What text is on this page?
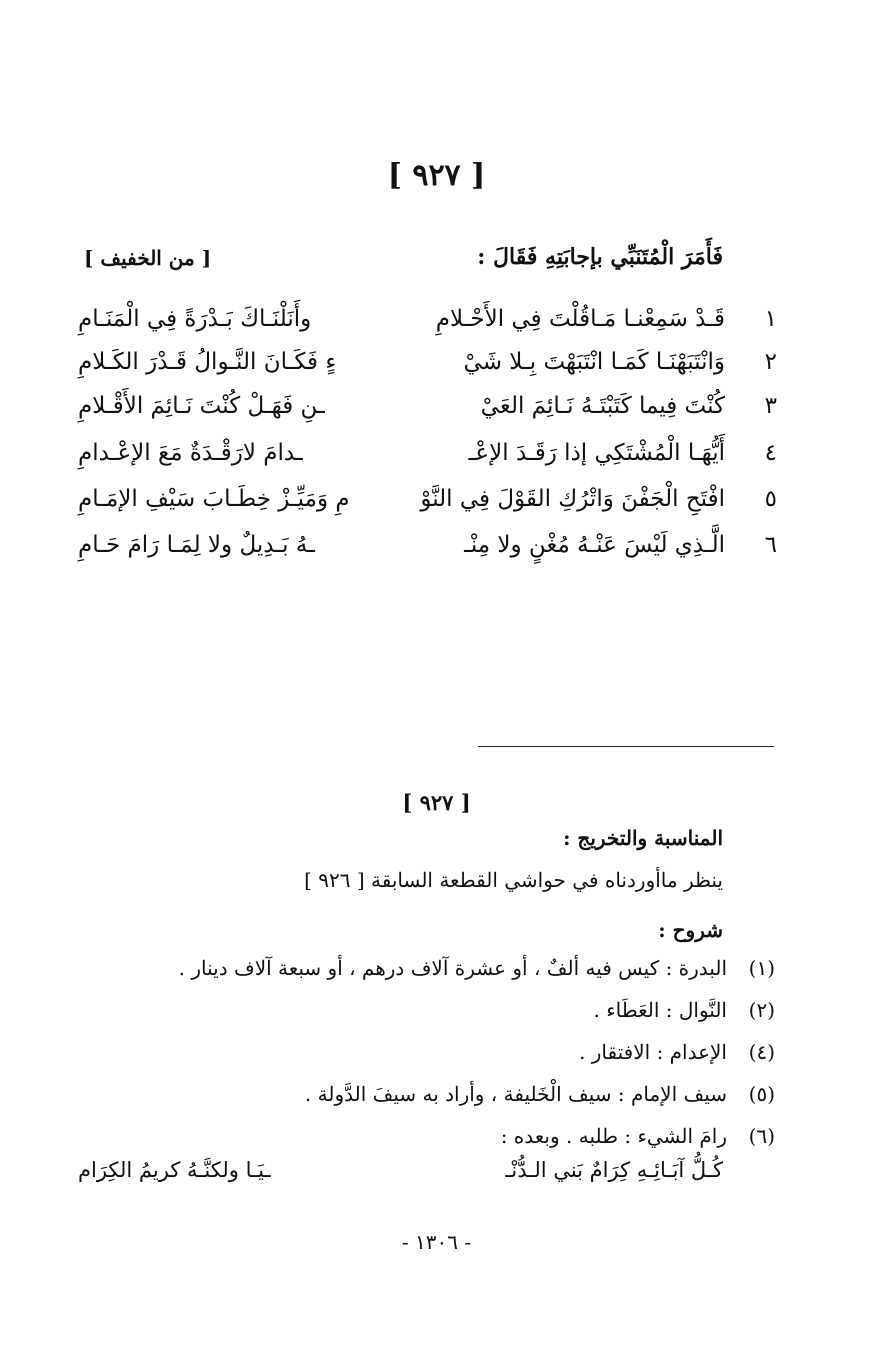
[ ٩٢٧ ]
فَأَمَرَ الْمُتَنَبِّي بإجابَتِهِ فَقَالَ :
[ من الخفيف ]
١
قَـدْ سَمِعْنـا مَـاقُلْتَ فِي الأَحْـلامِ
وأَنَلْنَـاكَ بَـدْرَةً فِي الْمَنَـامِ
٢
وَانْتَبَهْنَـا كَمَـا انْتَبَهْتَ بِـلا شَيْ
ءٍ فَكَـانَ النَّـوالُ قَـدْرَ الكَـلامِ
٣
كُنْتَ فِيما كَتَبْتَـهُ نَـائِمَ العَيْ
ـنِ فَهَـلْ كُنْتَ نَـائِمَ الأَقْـلامِ
٤
أَيُّهَـا الْمُشْتَكِي إذا رَقَـدَ الإعْـ
ـدامَ لارَقْـدَةٌ مَعَ الإعْـدامِ
٥
افْتَحِ الْجَفْنَ وَاتْرُكِ القَوْلَ فِي النَّوْ
مِ وَمَيِّـزْ خِطَـابَ سَيْفِ الإمَـامِ
٦
الَّـذِي لَيْسَ عَنْـهُ مُغْنٍ ولا مِنْـ
ـهُ بَـدِيلٌ ولا لِمَـا رَامَ حَـامِ
[ ٩٢٧ ]
المناسبة والتخريج :
ينظر ماأوردناه في حواشي القطعة السابقة [ ٩٢٦ ]
شروح :
(١)البدرة : كيس فيه ألفٌ ، أو عشرة آلاف درهم ، أو سبعة آلاف دينار .
(٢)النَّوال : العَطَاء .
(٤)الإعدام : الافتقار .
(٥)سيف الإمام : سيف الْخَليفة ، وأراد به سيفَ الدَّولة .
(٦)رامَ الشيء : طلبه . وبعده :
كُـلُّ آبَـائِـهِ كِرَامٌ بَني الـدُّنْـ
ـيَـا ولكنَّـهُ كريمُ الكِرَام
- ١٣٠٦ -
